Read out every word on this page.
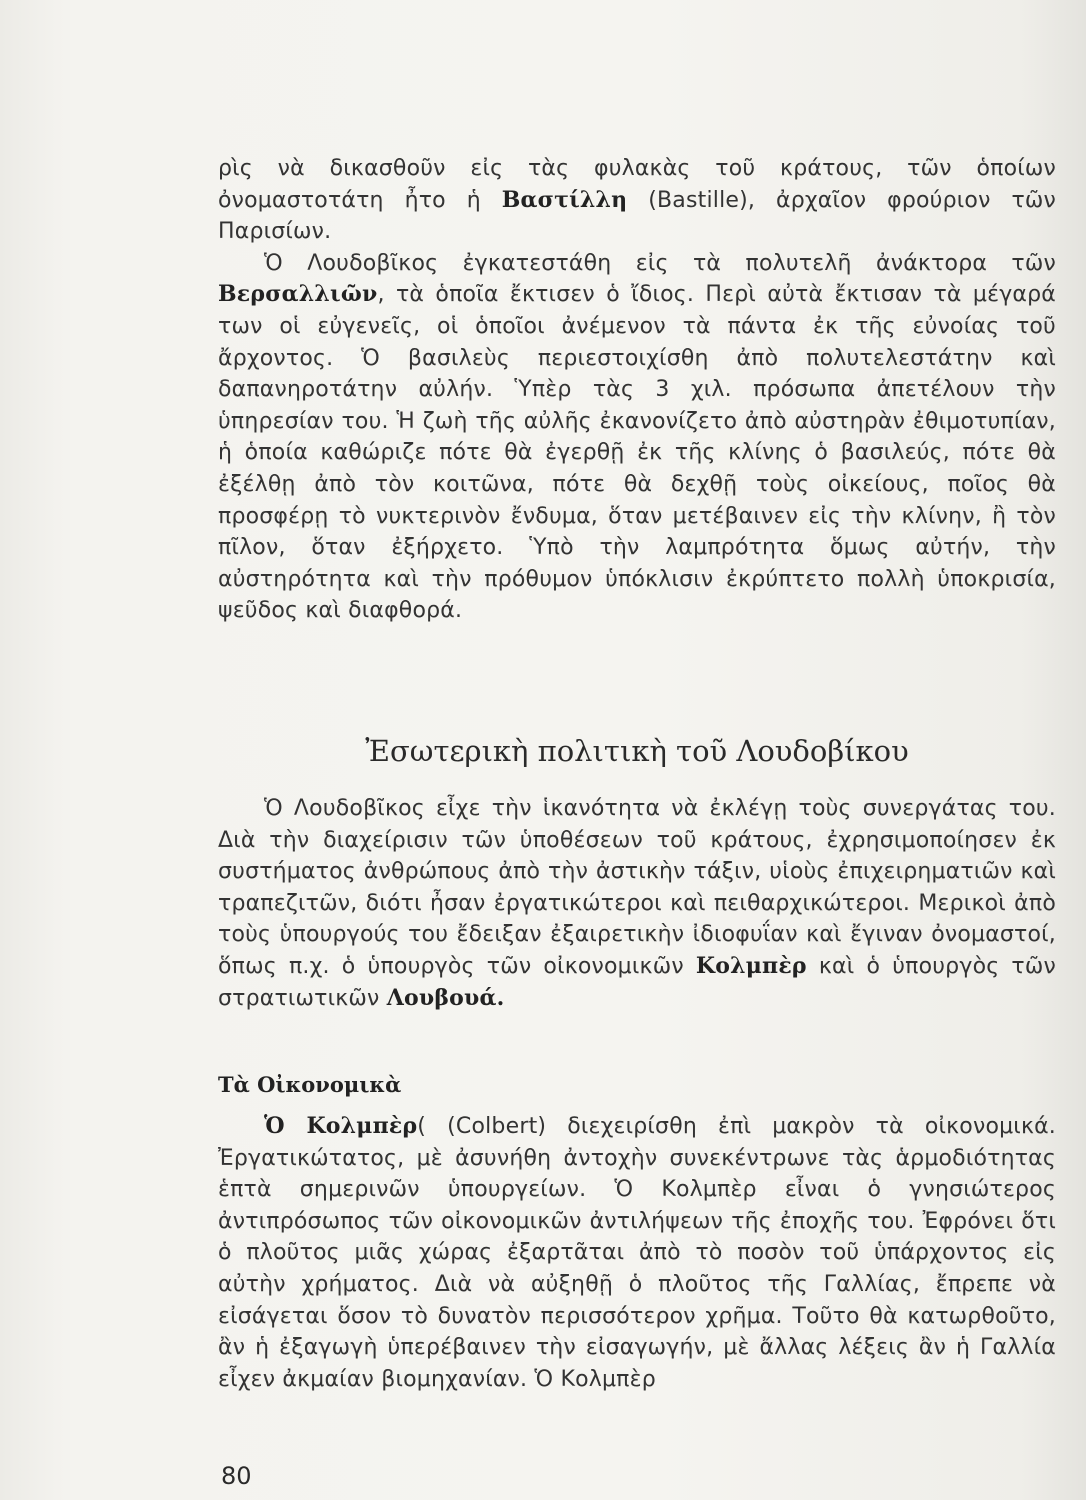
ρὶς νὰ δικασθοῦν εἰς τὰς φυλακὰς τοῦ κράτους, τῶν ὁποίων ὀνομαστοτάτη ἦτο ἡ Βαστίλλη (Bastille), ἀρχαῖον φρούριον τῶν Παρισίων.

Ὁ Λουδοβῖκος ἐγκατεστάθη εἰς τὰ πολυτελῆ ἀνάκτορα τῶν Βερσαλλιῶν, τὰ ὁποῖα ἔκτισεν ὁ ἴδιος. Περὶ αὐτὰ ἔκτισαν τὰ μέγαρά των οἱ εὐγενεῖς, οἱ ὁποῖοι ἀνέμενον τὰ πάντα ἐκ τῆς εὐνοίας τοῦ ἄρχοντος. Ὁ βασιλεὺς περιεστοιχίσθη ἀπὸ πολυτελεστάτην καὶ δαπανηροτάτην αὐλήν. Ὑπὲρ τὰς 3 χιλ. πρόσωπα ἀπετέλουν τὴν ὑπηρεσίαν του. Ἡ ζωὴ τῆς αὐλῆς ἐκανονίζετο ἀπὸ αὐστηρὰν ἐθιμοτυπίαν, ἡ ὁποία καθώριζε πότε θὰ ἐγερθῇ ἐκ τῆς κλίνης ὁ βασιλεύς, πότε θὰ ἐξέλθῃ ἀπὸ τὸν κοιτῶνα, πότε θὰ δεχθῇ τοὺς οἰκείους, ποῖος θὰ προσφέρῃ τὸ νυκτερινὸν ἔνδυμα, ὅταν μετέβαινεν εἰς τὴν κλίνην, ἢ τὸν πῖλον, ὅταν ἐξήρχετο. Ὑπὸ τὴν λαμπρότητα ὅμως αὐτήν, τὴν αὐστηρότητα καὶ τὴν πρόθυμον ὑπόκλισιν ἐκρύπτετο πολλὴ ὑποκρισία, ψεῦδος καὶ διαφθορά.

Ἐσωτερικὴ πολιτικὴ τοῦ Λουδοβίκου

Ὁ Λουδοβῖκος εἶχε τὴν ἱκανότητα νὰ ἐκλέγῃ τοὺς συνεργάτας του. Διὰ τὴν διαχείρισιν τῶν ὑποθέσεων τοῦ κράτους, ἐχρησιμοποίησεν ἐκ συστήματος ἀνθρώπους ἀπὸ τὴν ἀστικὴν τάξιν, υἱοὺς ἐπιχειρηματιῶν καὶ τραπεζιτῶν, διότι ἦσαν ἐργατικώτεροι καὶ πειθαρχικώτεροι. Μερικοὶ ἀπὸ τοὺς ὑπουργούς του ἔδειξαν ἐξαιρετικὴν ἰδιοφυΐαν καὶ ἔγιναν ὀνομαστοί, ὅπως π.χ. ὁ ὑπουργὸς τῶν οἰκονομικῶν Κολμπὲρ καὶ ὁ ὑπουργὸς τῶν στρατιωτικῶν Λουβουά.

Τὰ Οἰκονομικὰ

Ὁ Κολμπὲρ( (Colbert) διεχειρίσθη ἐπὶ μακρὸν τὰ οἰκονομικά. Ἐργατικώτατος, μὲ ἀσυνήθη ἀντοχὴν συνεκέντρωνε τὰς ἁρμοδιότητας ἑπτὰ σημερινῶν ὑπουργείων. Ὁ Κολμπὲρ εἶναι ὁ γνησιώτερος ἀντιπρόσωπος τῶν οἰκονομικῶν ἀντιλήψεων τῆς ἐποχῆς του. Ἐφρόνει ὅτι ὁ πλοῦτος μιᾶς χώρας ἐξαρτᾶται ἀπὸ τὸ ποσὸν τοῦ ὑπάρχοντος εἰς αὐτὴν χρήματος. Διὰ νὰ αὐξηθῇ ὁ πλοῦτος τῆς Γαλλίας, ἔπρεπε νὰ εἰσάγεται ὅσον τὸ δυνατὸν περισσότερον χρῆμα. Τοῦτο θὰ κατωρθοῦτο, ἂν ἡ ἐξαγωγὴ ὑπερέβαινεν τὴν εἰσαγωγήν, μὲ ἄλλας λέξεις ἂν ἡ Γαλλία εἶχεν ἀκμαίαν βιομηχανίαν. Ὁ Κολμπὲρ

80
